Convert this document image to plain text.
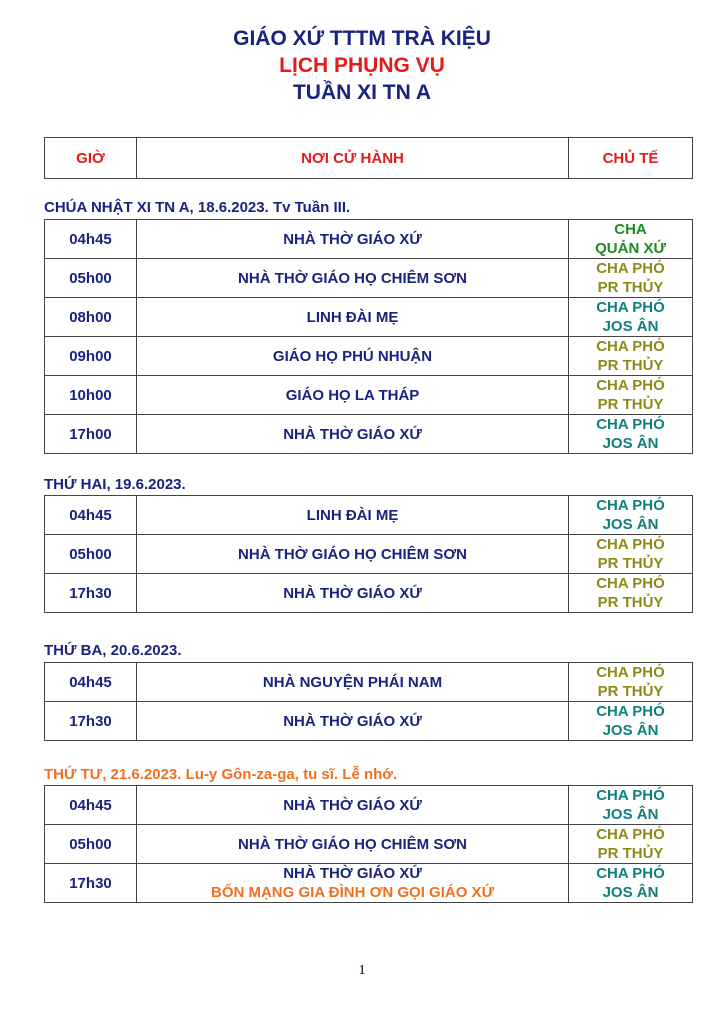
GIÁO XỨ TTTM TRÀ KIỆU
LỊCH PHỤNG VỤ
TUẦN XI TN A
GIỜ	NƠI CỬ HÀNH	CHỦ TẾ
CHÚA NHẬT XI TN A, 18.6.2023. Tv Tuần III.
04h45	NHÀ THỜ GIÁO XỨ	CHA
QUẢN XỨ
05h00	NHÀ THỜ GIÁO HỌ CHIÊM SƠN	CHA PHÓ
PR THỦY
08h00	LINH ĐÀI MẸ	CHA PHÓ
JOS ÂN
09h00	GIÁO HỌ PHÚ NHUẬN	CHA PHÓ
PR THỦY
10h00	GIÁO HỌ LA THÁP	CHA PHÓ
PR THỦY
17h00	NHÀ THỜ GIÁO XỨ	CHA PHÓ
JOS ÂN
THỨ HAI, 19.6.2023.
04h45	LINH ĐÀI MẸ	CHA PHÓ
JOS ÂN
05h00	NHÀ THỜ GIÁO HỌ CHIÊM SƠN	CHA PHÓ
PR THỦY
17h30	NHÀ THỜ GIÁO XỨ	CHA PHÓ
PR THỦY
THỨ BA, 20.6.2023.
04h45	NHÀ NGUYỆN PHÁI NAM	CHA PHÓ
PR THỦY
17h30	NHÀ THỜ GIÁO XỨ	CHA PHÓ
JOS ÂN
THỨ TƯ, 21.6.2023. Lu-y Gôn-za-ga, tu sĩ. Lễ nhớ.
04h45	NHÀ THỜ GIÁO XỨ	CHA PHÓ
JOS ÂN
05h00	NHÀ THỜ GIÁO HỌ CHIÊM SƠN	CHA PHÓ
PR THỦY
17h30	NHÀ THỜ GIÁO XỨ
BỔN MẠNG GIA ĐÌNH ƠN GỌI GIÁO XỨ	CHA PHÓ
JOS ÂN
1
